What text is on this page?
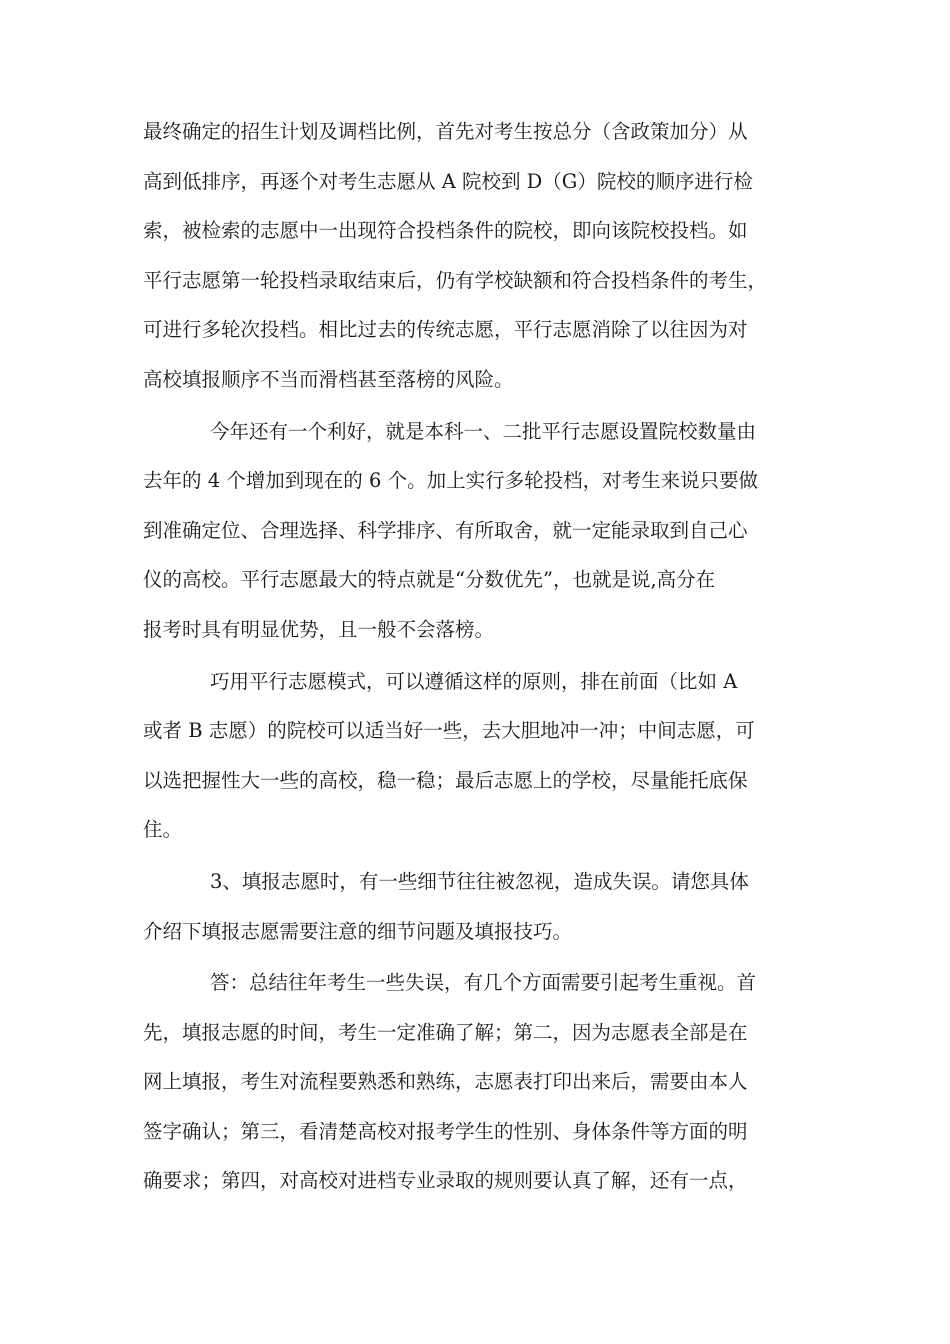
最终确定的招生计划及调档比例，首先对考生按总分（含政策加分）从
高到低排序，再逐个对考生志愿从 A 院校到 D（G）院校的顺序进行检
索，被检索的志愿中一出现符合投档条件的院校，即向该院校投档。如
平行志愿第一轮投档录取结束后，仍有学校缺额和符合投档条件的考生，
可进行多轮次投档。相比过去的传统志愿，平行志愿消除了以往因为对
高校填报顺序不当而滑档甚至落榜的风险。
今年还有一个利好，就是本科一、二批平行志愿设置院校数量由
去年的 4 个增加到现在的 6 个。加上实行多轮投档，对考生来说只要做
到准确定位、合理选择、科学排序、有所取舍，就一定能录取到自己心
仪的高校。平行志愿最大的特点就是“分数优先”，也就是说,高分在
报考时具有明显优势，且一般不会落榜。
巧用平行志愿模式，可以遵循这样的原则，排在前面（比如 A
或者 B 志愿）的院校可以适当好一些，去大胆地冲一冲；中间志愿，可
以选把握性大一些的高校，稳一稳；最后志愿上的学校，尽量能托底保
住。
3、填报志愿时，有一些细节往往被忽视，造成失误。请您具体
介绍下填报志愿需要注意的细节问题及填报技巧。
答：总结往年考生一些失误，有几个方面需要引起考生重视。首
先，填报志愿的时间，考生一定准确了解；第二，因为志愿表全部是在
网上填报，考生对流程要熟悉和熟练，志愿表打印出来后，需要由本人
签字确认；第三，看清楚高校对报考学生的性别、身体条件等方面的明
确要求；第四，对高校对进档专业录取的规则要认真了解，还有一点，
